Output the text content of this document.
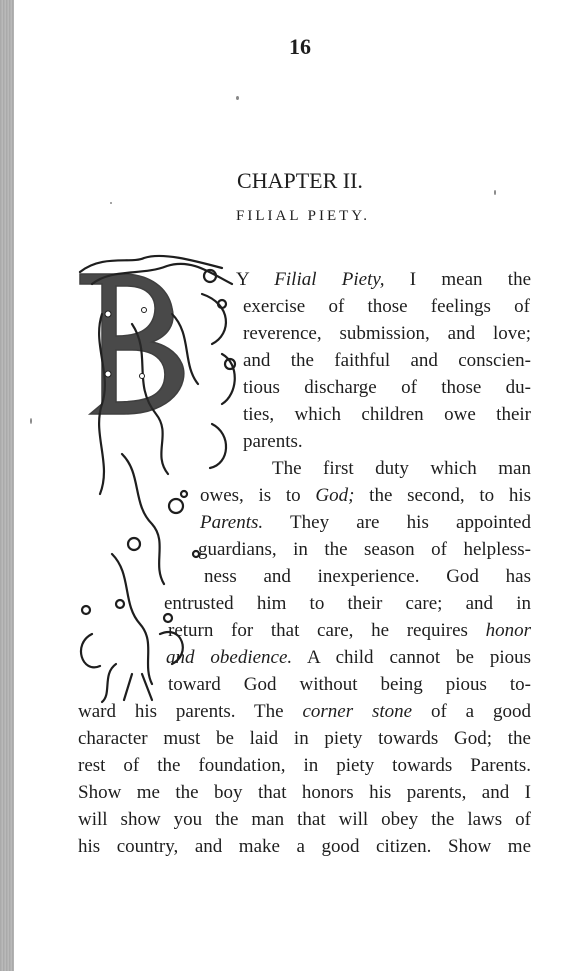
16
CHAPTER II.
FILIAL PIETY.
Y Filial Piety, I mean the
exercise of those feelings of
reverence, submission, and love;
and the faithful and conscien-
tious discharge of those du-
ties, which children owe their
parents.
The first duty which man
owes, is to God; the second, to his
Parents. They are his appointed
guardians, in the season of helpless-
ness and inexperience. God has
entrusted him to their care; and in
return for that care, he requires honor
and obedience. A child cannot be pious
toward God without being pious to-
ward his parents. The corner stone of a good
character must be laid in piety towards God; the
rest of the foundation, in piety towards Parents.
Show me the boy that honors his parents, and I
will show you the man that will obey the laws of
his country, and make a good citizen. Show me
